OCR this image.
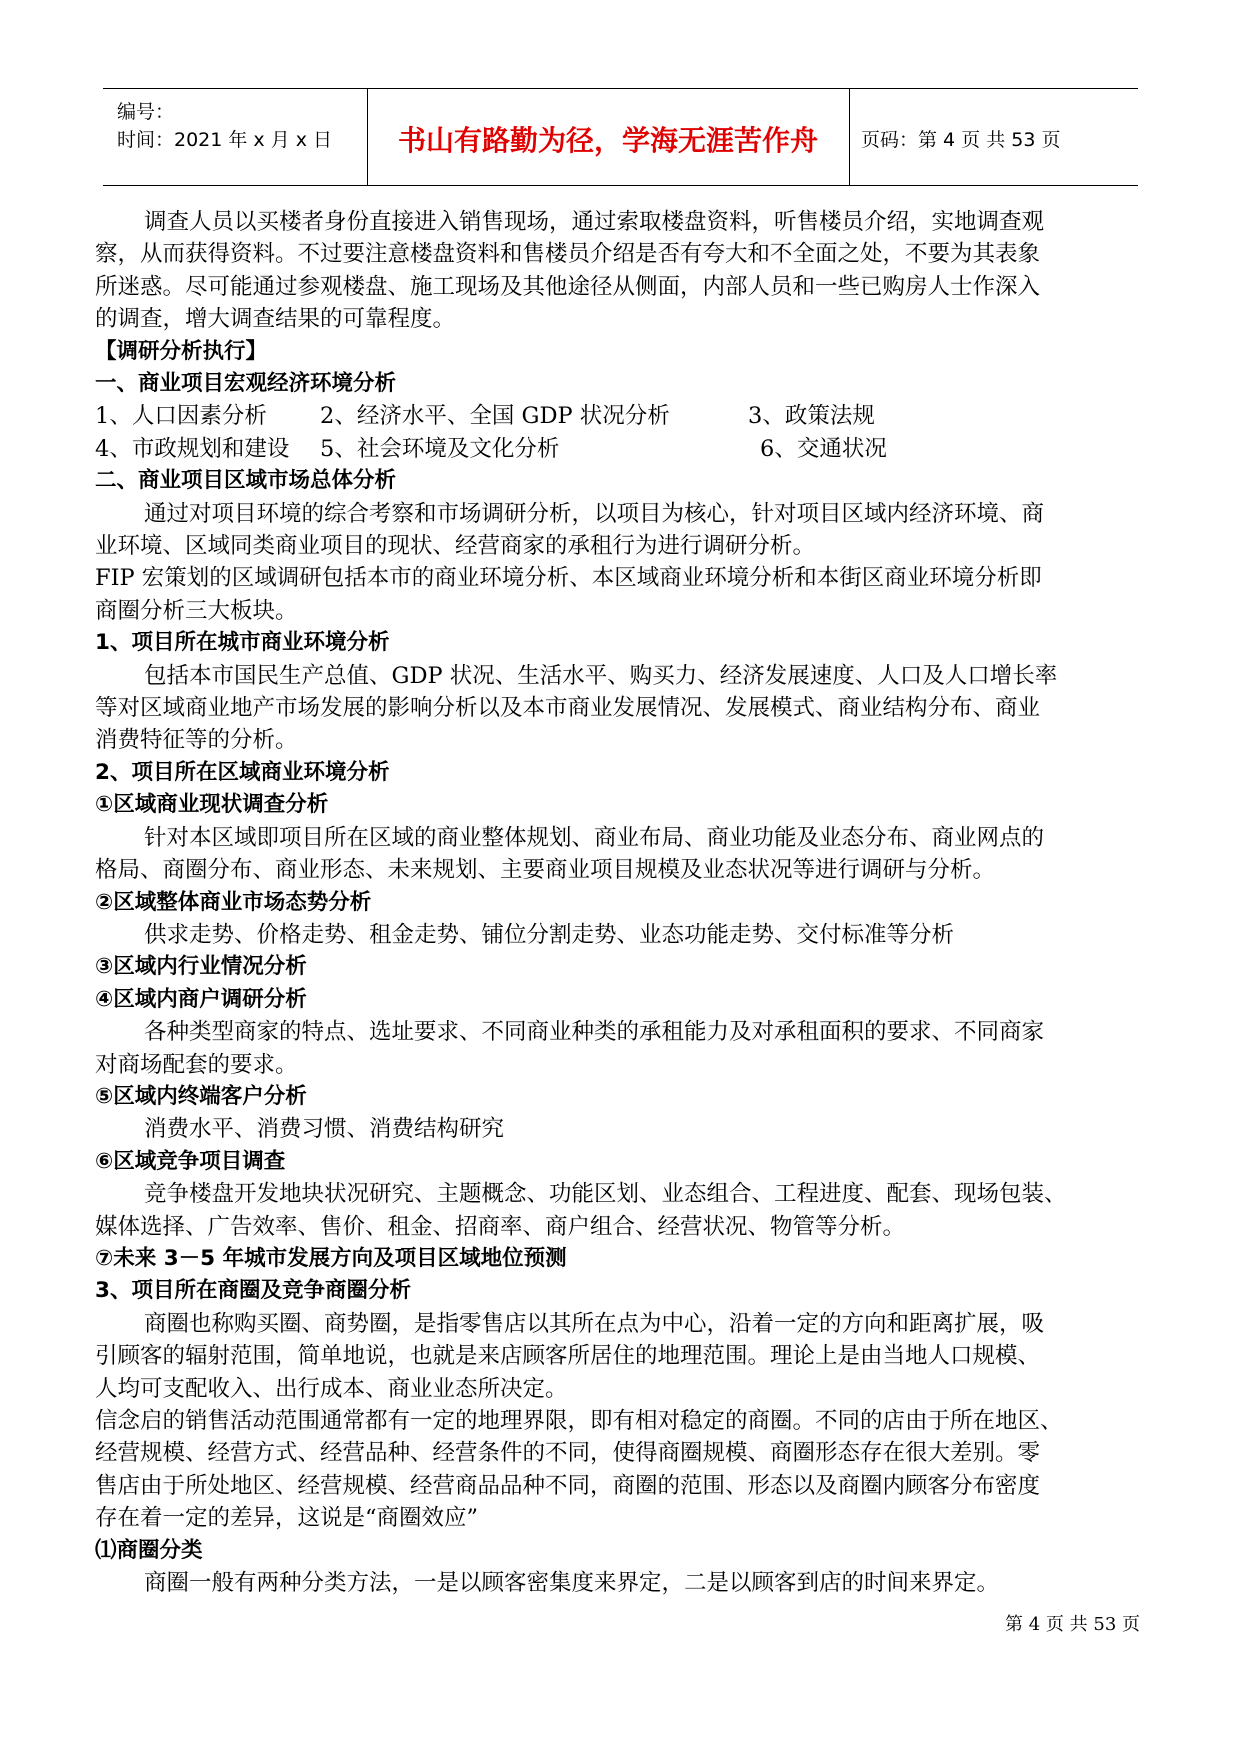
编号：
时间：2021 年 x 月 x 日	书山有路勤为径，学海无涯苦作舟	页码：第 4 页 共 53 页
调查人员以买楼者身份直接进入销售现场，通过索取楼盘资料，听售楼员介绍，实地调查观
察，从而获得资料。不过要注意楼盘资料和售楼员介绍是否有夸大和不全面之处，不要为其表象
所迷惑。尽可能通过参观楼盘、施工现场及其他途径从侧面，内部人员和一些已购房人士作深入
的调查，增大调查结果的可靠程度。
【调研分析执行】
一、商业项目宏观经济环境分析
1、人口因素分析 2、经济水平、全国 GDP 状况分析	3、政策法规
4、市政规划和建设 5、社会环境及文化分析	6、交通状况
二、商业项目区域市场总体分析
通过对项目环境的综合考察和市场调研分析，以项目为核心，针对项目区域内经济环境、商
业环境、区域同类商业项目的现状、经营商家的承租行为进行调研分析。
FIP 宏策划的区域调研包括本市的商业环境分析、本区域商业环境分析和本街区商业环境分析即
商圈分析三大板块。
1、项目所在城市商业环境分析
包括本市国民生产总值、GDP 状况、生活水平、购买力、经济发展速度、人口及人口增长率
等对区域商业地产市场发展的影响分析以及本市商业发展情况、发展模式、商业结构分布、商业
消费特征等的分析。
2、项目所在区域商业环境分析
①区域商业现状调查分析
针对本区域即项目所在区域的商业整体规划、商业布局、商业功能及业态分布、商业网点的
格局、商圈分布、商业形态、未来规划、主要商业项目规模及业态状况等进行调研与分析。
②区域整体商业市场态势分析
供求走势、价格走势、租金走势、铺位分割走势、业态功能走势、交付标准等分析
③区域内行业情况分析
④区域内商户调研分析
各种类型商家的特点、选址要求、不同商业种类的承租能力及对承租面积的要求、不同商家
对商场配套的要求。
⑤区域内终端客户分析
消费水平、消费习惯、消费结构研究
⑥区域竞争项目调查
竞争楼盘开发地块状况研究、主题概念、功能区划、业态组合、工程进度、配套、现场包装、
媒体选择、广告效率、售价、租金、招商率、商户组合、经营状况、物管等分析。
⑦未来 3－5 年城市发展方向及项目区域地位预测
3、项目所在商圈及竞争商圈分析
商圈也称购买圈、商势圈，是指零售店以其所在点为中心，沿着一定的方向和距离扩展，吸
引顾客的辐射范围，简单地说，也就是来店顾客所居住的地理范围。理论上是由当地人口规模、
人均可支配收入、出行成本、商业业态所决定。
信念启的销售活动范围通常都有一定的地理界限，即有相对稳定的商圈。不同的店由于所在地区、
经营规模、经营方式、经营品种、经营条件的不同，使得商圈规模、商圈形态存在很大差别。零
售店由于所处地区、经营规模、经营商品品种不同，商圈的范围、形态以及商圈内顾客分布密度
存在着一定的差异，这说是“商圈效应”
⑴商圈分类
商圈一般有两种分类方法，一是以顾客密集度来界定，二是以顾客到店的时间来界定。
第 4 页 共 53 页
